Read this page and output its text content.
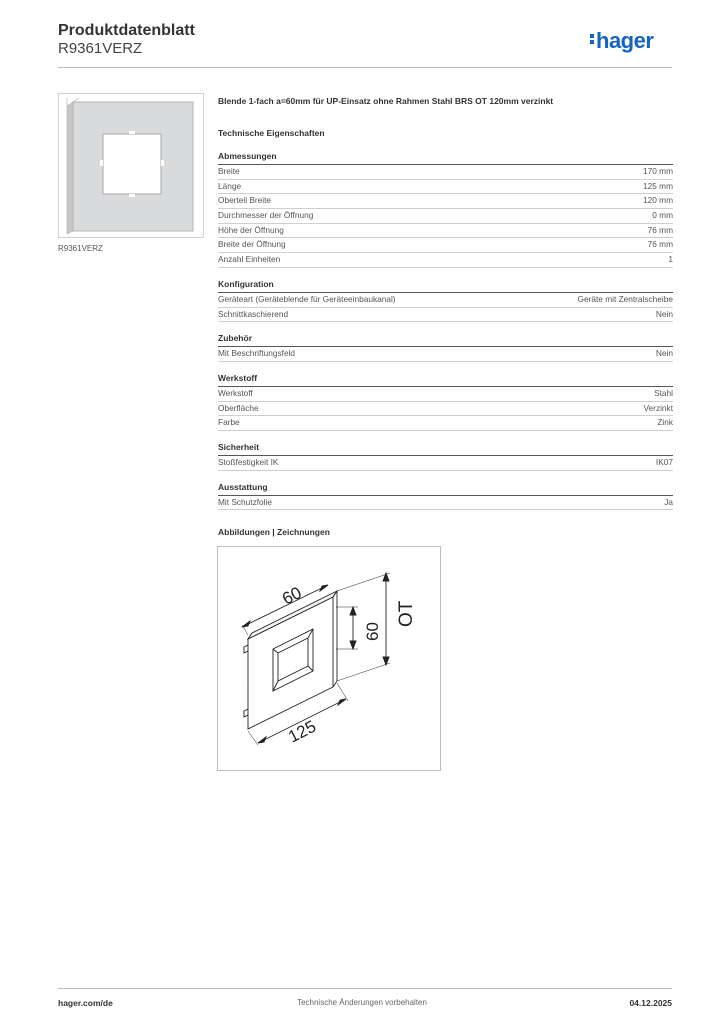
Produktdatenblatt
R9361VERZ	hager
R9361VERZ

Blende 1-fach a=60mm für UP-Einsatz ohne Rahmen Stahl BRS OT 120mm verzinkt

Technische Eigenschaften
Abmessungen
Breite	170 mm
Länge	125 mm
Oberteil Breite	120 mm
Durchmesser der Öffnung	0 mm
Höhe der Öffnung	76 mm
Breite der Öffnung	76 mm
Anzahl Einheiten	1
Konfiguration
Geräteart (Geräteblende für Geräteeinbaukanal)	Geräte mit Zentralscheibe
Schnittkaschierend	Nein
Zubehör
Mit Beschriftungsfeld	Nein
Werkstoff
Werkstoff	Stahl
Oberfläche	Verzinkt
Farbe	Zink
Sicherheit
Stoßfestigkeit IK	IK07
Ausstattung
Mit Schutzfolie	Ja
Abbildungen | Zeichnungen
60
60
OT
125
hager.com/de	Technische Änderungen vorbehalten	04.12.2025
